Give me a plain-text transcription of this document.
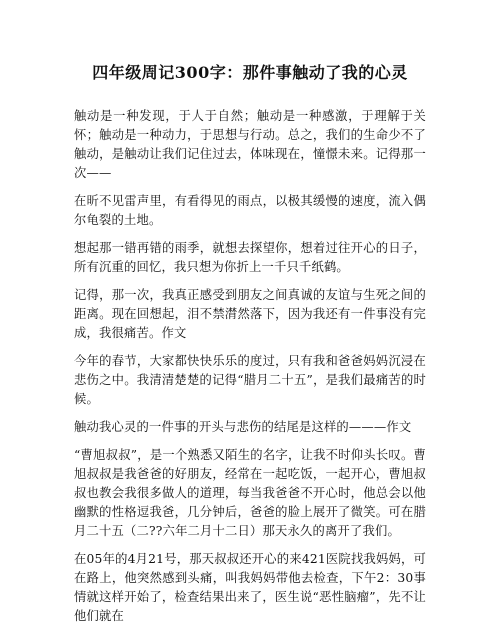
四年级周记300字：那件事触动了我的心灵

触动是一种发现，于人于自然；触动是一种感激，于理解于关怀；触动是一种动力，于思想与行动。总之，我们的生命少不了触动，是触动让我们记住过去，体味现在，憧憬未来。记得那一次——

在昕不见雷声里，有看得见的雨点，以极其缓慢的速度，流入偶尔龟裂的土地。

想起那一错再错的雨季，就想去探望你，想着过往开心的日子，所有沉重的回忆，我只想为你折上一千只千纸鹤。

记得，那一次，我真正感受到朋友之间真诚的友谊与生死之间的距离。现在回想起，泪不禁潸然落下，因为我还有一件事没有完成，我很痛苦。作文

今年的春节，大家都快快乐乐的度过，只有我和爸爸妈妈沉浸在悲伤之中。我清清楚楚的记得“腊月二十五”，是我们最痛苦的时候。

触动我心灵的一件事的开头与悲伤的结尾是这样的———作文

“曹旭叔叔”，是一个熟悉又陌生的名字，让我不时仰头长叹。曹旭叔叔是我爸爸的好朋友，经常在一起吃饭，一起开心，曹旭叔叔也教会我很多做人的道理，每当我爸爸不开心时，他总会以他幽默的性格逗我爸，几分钟后，爸爸的脸上展开了微笑。可在腊月二十五（二??六年二月十二日）那天永久的离开了我们。

在05年的4月21号，那天叔叔还开心的来421医院找我妈妈，可在路上，他突然感到头痛，叫我妈妈带他去检查，下午2：30事情就这样开始了，检查结果出来了，医生说“恶性脑瘤”，先不让他们就在
